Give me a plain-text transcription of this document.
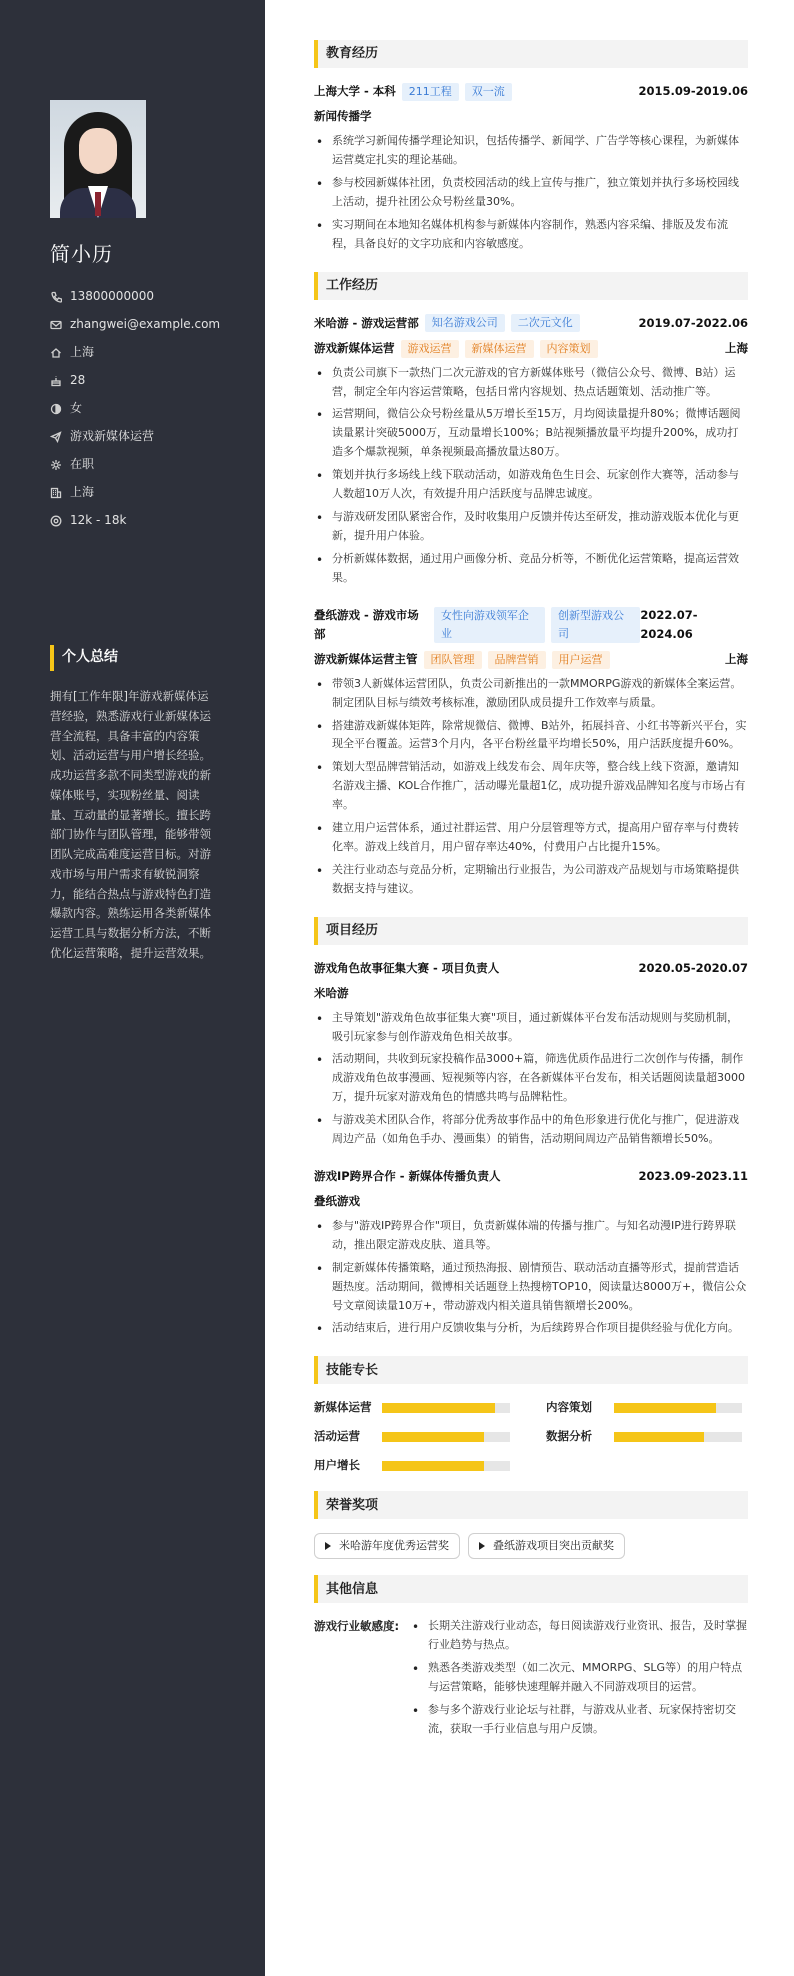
简小历
13800000000
zhangwei@example.com
上海
28
女
游戏新媒体运营
在职
上海
12k - 18k
个人总结
拥有[工作年限]年游戏新媒体运营经验，熟悉游戏行业新媒体运营全流程，具备丰富的内容策划、活动运营与用户增长经验。成功运营多款不同类型游戏的新媒体账号，实现粉丝量、阅读量、互动量的显著增长。擅长跨部门协作与团队管理，能够带领团队完成高难度运营目标。对游戏市场与用户需求有敏锐洞察力，能结合热点与游戏特色打造爆款内容。熟练运用各类新媒体运营工具与数据分析方法，不断优化运营策略，提升运营效果。
教育经历
上海大学 - 本科 211工程 双一流	2015.09-2019.06
新闻传播学
• 系统学习新闻传播学理论知识，包括传播学、新闻学、广告学等核心课程，为新媒体运营奠定扎实的理论基础。
• 参与校园新媒体社团，负责校园活动的线上宣传与推广，独立策划并执行多场校园线上活动，提升社团公众号粉丝量30%。
• 实习期间在本地知名媒体机构参与新媒体内容制作，熟悉内容采编、排版及发布流程，具备良好的文字功底和内容敏感度。
工作经历
米哈游 - 游戏运营部	知名游戏公司	二次元文化	2019.07-2022.06
游戏新媒体运营 游戏运营 新媒体运营 内容策划	上海
• 负责公司旗下一款热门二次元游戏的官方新媒体账号（微信公众号、微博、B站）运营，制定全年内容运营策略，包括日常内容规划、热点话题策划、活动推广等。
• 运营期间，微信公众号粉丝量从5万增长至15万，月均阅读量提升80%；微博话题阅读量累计突破5000万，互动量增长100%；B站视频播放量平均提升200%，成功打造多个爆款视频，单条视频最高播放量达80万。
• 策划并执行多场线上线下联动活动，如游戏角色生日会、玩家创作大赛等，活动参与人数超10万人次，有效提升用户活跃度与品牌忠诚度。
• 与游戏研发团队紧密合作，及时收集用户反馈并传达至研发，推动游戏版本优化与更新，提升用户体验。
• 分析新媒体数据，通过用户画像分析、竞品分析等，不断优化运营策略，提高运营效果。
叠纸游戏 - 游戏市场部
女性向游戏领军企业
创新型游戏公司
2022.07-2024.06
游戏新媒体运营主管 团队管理 品牌营销 用户运营	上海
• 带领3人新媒体运营团队，负责公司新推出的一款MMORPG游戏的新媒体全案运营。制定团队目标与绩效考核标准，激励团队成员提升工作效率与质量。
• 搭建游戏新媒体矩阵，除常规微信、微博、B站外，拓展抖音、小红书等新兴平台，实现全平台覆盖。运营3个月内，各平台粉丝量平均增长50%，用户活跃度提升60%。
• 策划大型品牌营销活动，如游戏上线发布会、周年庆等，整合线上线下资源，邀请知名游戏主播、KOL合作推广，活动曝光量超1亿，成功提升游戏品牌知名度与市场占有率。
• 建立用户运营体系，通过社群运营、用户分层管理等方式，提高用户留存率与付费转化率。游戏上线首月，用户留存率达40%，付费用户占比提升15%。
• 关注行业动态与竞品分析，定期输出行业报告，为公司游戏产品规划与市场策略提供数据支持与建议。
项目经历
游戏角色故事征集大赛 - 项目负责人	2020.05-2020.07
米哈游
• 主导策划"游戏角色故事征集大赛"项目，通过新媒体平台发布活动规则与奖励机制，吸引玩家参与创作游戏角色相关故事。
• 活动期间，共收到玩家投稿作品3000+篇，筛选优质作品进行二次创作与传播，制作成游戏角色故事漫画、短视频等内容，在各新媒体平台发布，相关话题阅读量超3000万，提升玩家对游戏角色的情感共鸣与品牌粘性。
• 与游戏美术团队合作，将部分优秀故事作品中的角色形象进行优化与推广，促进游戏周边产品（如角色手办、漫画集）的销售，活动期间周边产品销售额增长50%。
游戏IP跨界合作 - 新媒体传播负责人	2023.09-2023.11
叠纸游戏
• 参与"游戏IP跨界合作"项目，负责新媒体端的传播与推广。与知名动漫IP进行跨界联动，推出限定游戏皮肤、道具等。
• 制定新媒体传播策略，通过预热海报、剧情预告、联动活动直播等形式，提前营造话题热度。活动期间，微博相关话题登上热搜榜TOP10，阅读量达8000万+，微信公众号文章阅读量10万+，带动游戏内相关道具销售额增长200%。
• 活动结束后，进行用户反馈收集与分析，为后续跨界合作项目提供经验与优化方向。
技能专长
新媒体运营	内容策划
活动运营	数据分析
用户增长
荣誉奖项
米哈游年度优秀运营奖	叠纸游戏项目突出贡献奖
其他信息
游戏行业敏感度:
•	长期关注游戏行业动态，每日阅读游戏行业资讯、报告，及时掌握行业趋势与热点。
• 熟悉各类游戏类型（如二次元、MMORPG、SLG等）的用户特点与运营策略，能够快速理解并融入不同游戏项目的运营。
• 参与多个游戏行业论坛与社群，与游戏从业者、玩家保持密切交流，获取一手行业信息与用户反馈。
